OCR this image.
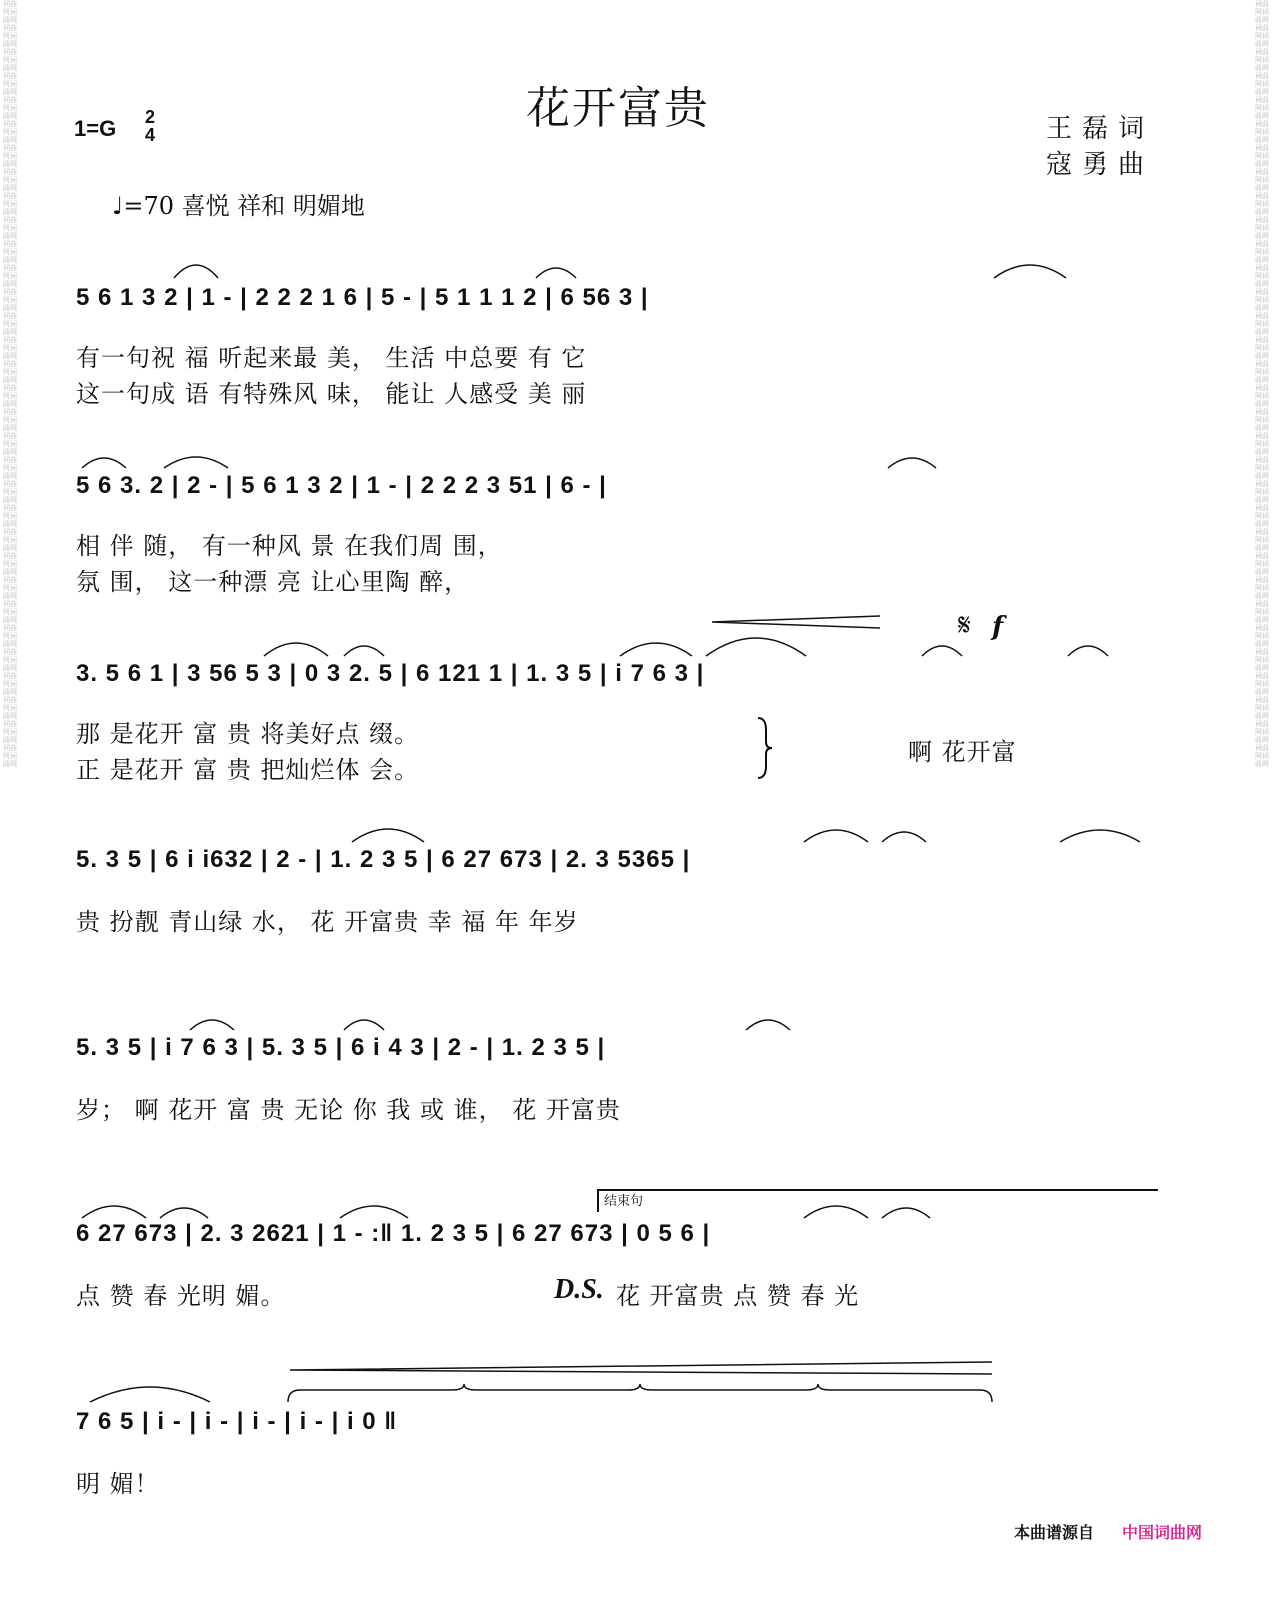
词曲网词曲网词曲网词曲网词曲网词曲网词曲网词曲网词曲网词曲网词曲网词曲网词曲网词曲网词曲网词曲网词曲网词曲网词曲网词曲网词曲网词曲网词曲网词曲网词曲网词曲网词曲网词曲网词曲网词曲网词曲网词曲网词曲网词曲网词曲网词曲网词曲网词曲网词曲网词曲网词曲网词曲网词曲网词曲网词曲网词曲网词曲网词曲网词曲网词曲网词曲网词曲网词曲网词曲网词曲网词曲网词曲网词曲网词曲网词曲网词曲网词曲网词曲网词曲网
词曲网词曲网词曲网词曲网词曲网词曲网词曲网词曲网词曲网词曲网词曲网词曲网词曲网词曲网词曲网词曲网词曲网词曲网词曲网词曲网词曲网词曲网词曲网词曲网词曲网词曲网词曲网词曲网词曲网词曲网词曲网词曲网词曲网词曲网词曲网词曲网词曲网词曲网词曲网词曲网词曲网词曲网词曲网词曲网词曲网词曲网词曲网词曲网词曲网词曲网词曲网词曲网词曲网词曲网词曲网词曲网词曲网词曲网词曲网词曲网词曲网词曲网词曲网词曲网
花开富贵
1=G 2
4	王磊词
寇勇曲
♩=70 喜悦 祥和 明媚地
5 6 1 3 2 | 1 - | 2 2 2 1 6 | 5 - | 5 1 1 1 2 | 6 56 3 |
有一句祝 福 听起来最 美， 生活 中总要 有 它
这一句成 语 有特殊风 味， 能让 人感受 美 丽
5 6 3. 2 | 2 - | 5 6 1 3 2 | 1 - | 2 2 2 3 51 | 6 - |
相 伴 随， 有一种风 景 在我们周 围，
氛 围， 这一种漂 亮 让心里陶 醉，
𝄋 f
3. 5 6 1 | 3 56 5 3 | 0 3 2. 5 | 6 121 1 | 1. 3 5 | i 7 6 3 |
那 是花开 富 贵 将美好点 缀。
正 是花开 富 贵 把灿烂体 会。
啊 花开富
5. 3 5 | 6 i i632 | 2 - | 1. 2 3 5 | 6 27 673 | 2. 3 5365 |
贵 扮靓 青山绿 水， 花 开富贵 幸 福 年 年岁
5. 3 5 | i 7 6 3 | 5. 3 5 | 6 i 4 3 | 2 - | 1. 2 3 5 |
岁； 啊 花开 富 贵 无论 你 我 或 谁， 花 开富贵
结束句
6 27 673 | 2. 3 2621 | 1 - :‖ 1. 2 3 5 | 6 27 673 | 0 5 6 |
点 赞 春 光明 媚。	D.S. 花 开富贵 点 赞 春 光
7 6 5 | i - | i - | i - | i - | i 0 ‖
明 媚！
本曲谱源自 中国词曲网
